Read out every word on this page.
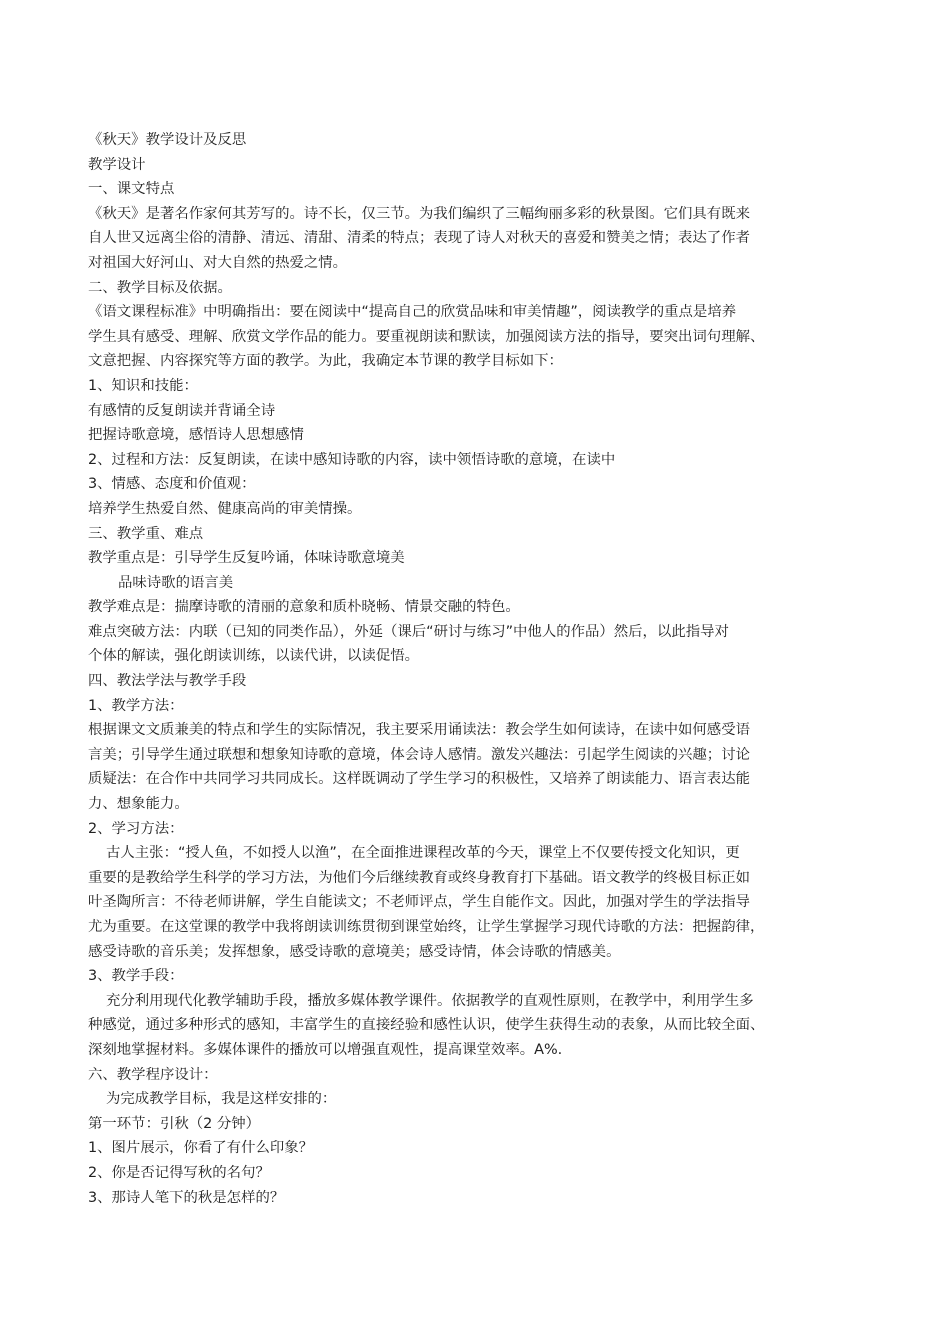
《秋天》教学设计及反思
教学设计
一、课文特点
《秋天》是著名作家何其芳写的。诗不长，仅三节。为我们编织了三幅绚丽多彩的秋景图。它们具有既来
自人世又远离尘俗的清静、清远、清甜、清柔的特点；表现了诗人对秋天的喜爱和赞美之情；表达了作者
对祖国大好河山、对大自然的热爱之情。
二、教学目标及依据。
《语文课程标准》中明确指出：要在阅读中“提高自己的欣赏品味和审美情趣”，阅读教学的重点是培养
学生具有感受、理解、欣赏文学作品的能力。要重视朗读和默读，加强阅读方法的指导，要突出词句理解、
文意把握、内容探究等方面的教学。为此，我确定本节课的教学目标如下：
1、知识和技能：
有感情的反复朗读并背诵全诗
把握诗歌意境，感悟诗人思想感情
2、过程和方法：反复朗读，在读中感知诗歌的内容，读中领悟诗歌的意境，在读中
3、情感、态度和价值观：
培养学生热爱自然、健康高尚的审美情操。
三、教学重、难点
教学重点是：引导学生反复吟诵，体味诗歌意境美
品味诗歌的语言美
教学难点是：揣摩诗歌的清丽的意象和质朴晓畅、情景交融的特色。
难点突破方法：内联（已知的同类作品），外延（课后“研讨与练习”中他人的作品）然后，以此指导对
个体的解读，强化朗读训练，以读代讲，以读促悟。
四、教法学法与教学手段
1、教学方法：
根据课文文质兼美的特点和学生的实际情况，我主要采用诵读法：教会学生如何读诗，在读中如何感受语
言美；引导学生通过联想和想象知诗歌的意境，体会诗人感情。激发兴趣法：引起学生阅读的兴趣；讨论
质疑法：在合作中共同学习共同成长。这样既调动了学生学习的积极性，又培养了朗读能力、语言表达能
力、想象能力。
2、学习方法：
古人主张：“授人鱼，不如授人以渔”，在全面推进课程改革的今天，课堂上不仅要传授文化知识，更
重要的是教给学生科学的学习方法，为他们今后继续教育或终身教育打下基础。语文教学的终极目标正如
叶圣陶所言：不待老师讲解，学生自能读文；不老师评点，学生自能作文。因此，加强对学生的学法指导
尤为重要。在这堂课的教学中我将朗读训练贯彻到课堂始终，让学生掌握学习现代诗歌的方法：把握韵律，
感受诗歌的音乐美；发挥想象，感受诗歌的意境美；感受诗情，体会诗歌的情感美。
3、教学手段：
充分利用现代化教学辅助手段，播放多媒体教学课件。依据教学的直观性原则，在教学中，利用学生多
种感觉，通过多种形式的感知，丰富学生的直接经验和感性认识，使学生获得生动的表象，从而比较全面、
深刻地掌握材料。多媒体课件的播放可以增强直观性，提高课堂效率。A%.
六、教学程序设计：
为完成教学目标，我是这样安排的：
第一环节：引秋（2 分钟）
1、图片展示，你看了有什么印象？
2、你是否记得写秋的名句？
3、那诗人笔下的秋是怎样的？
